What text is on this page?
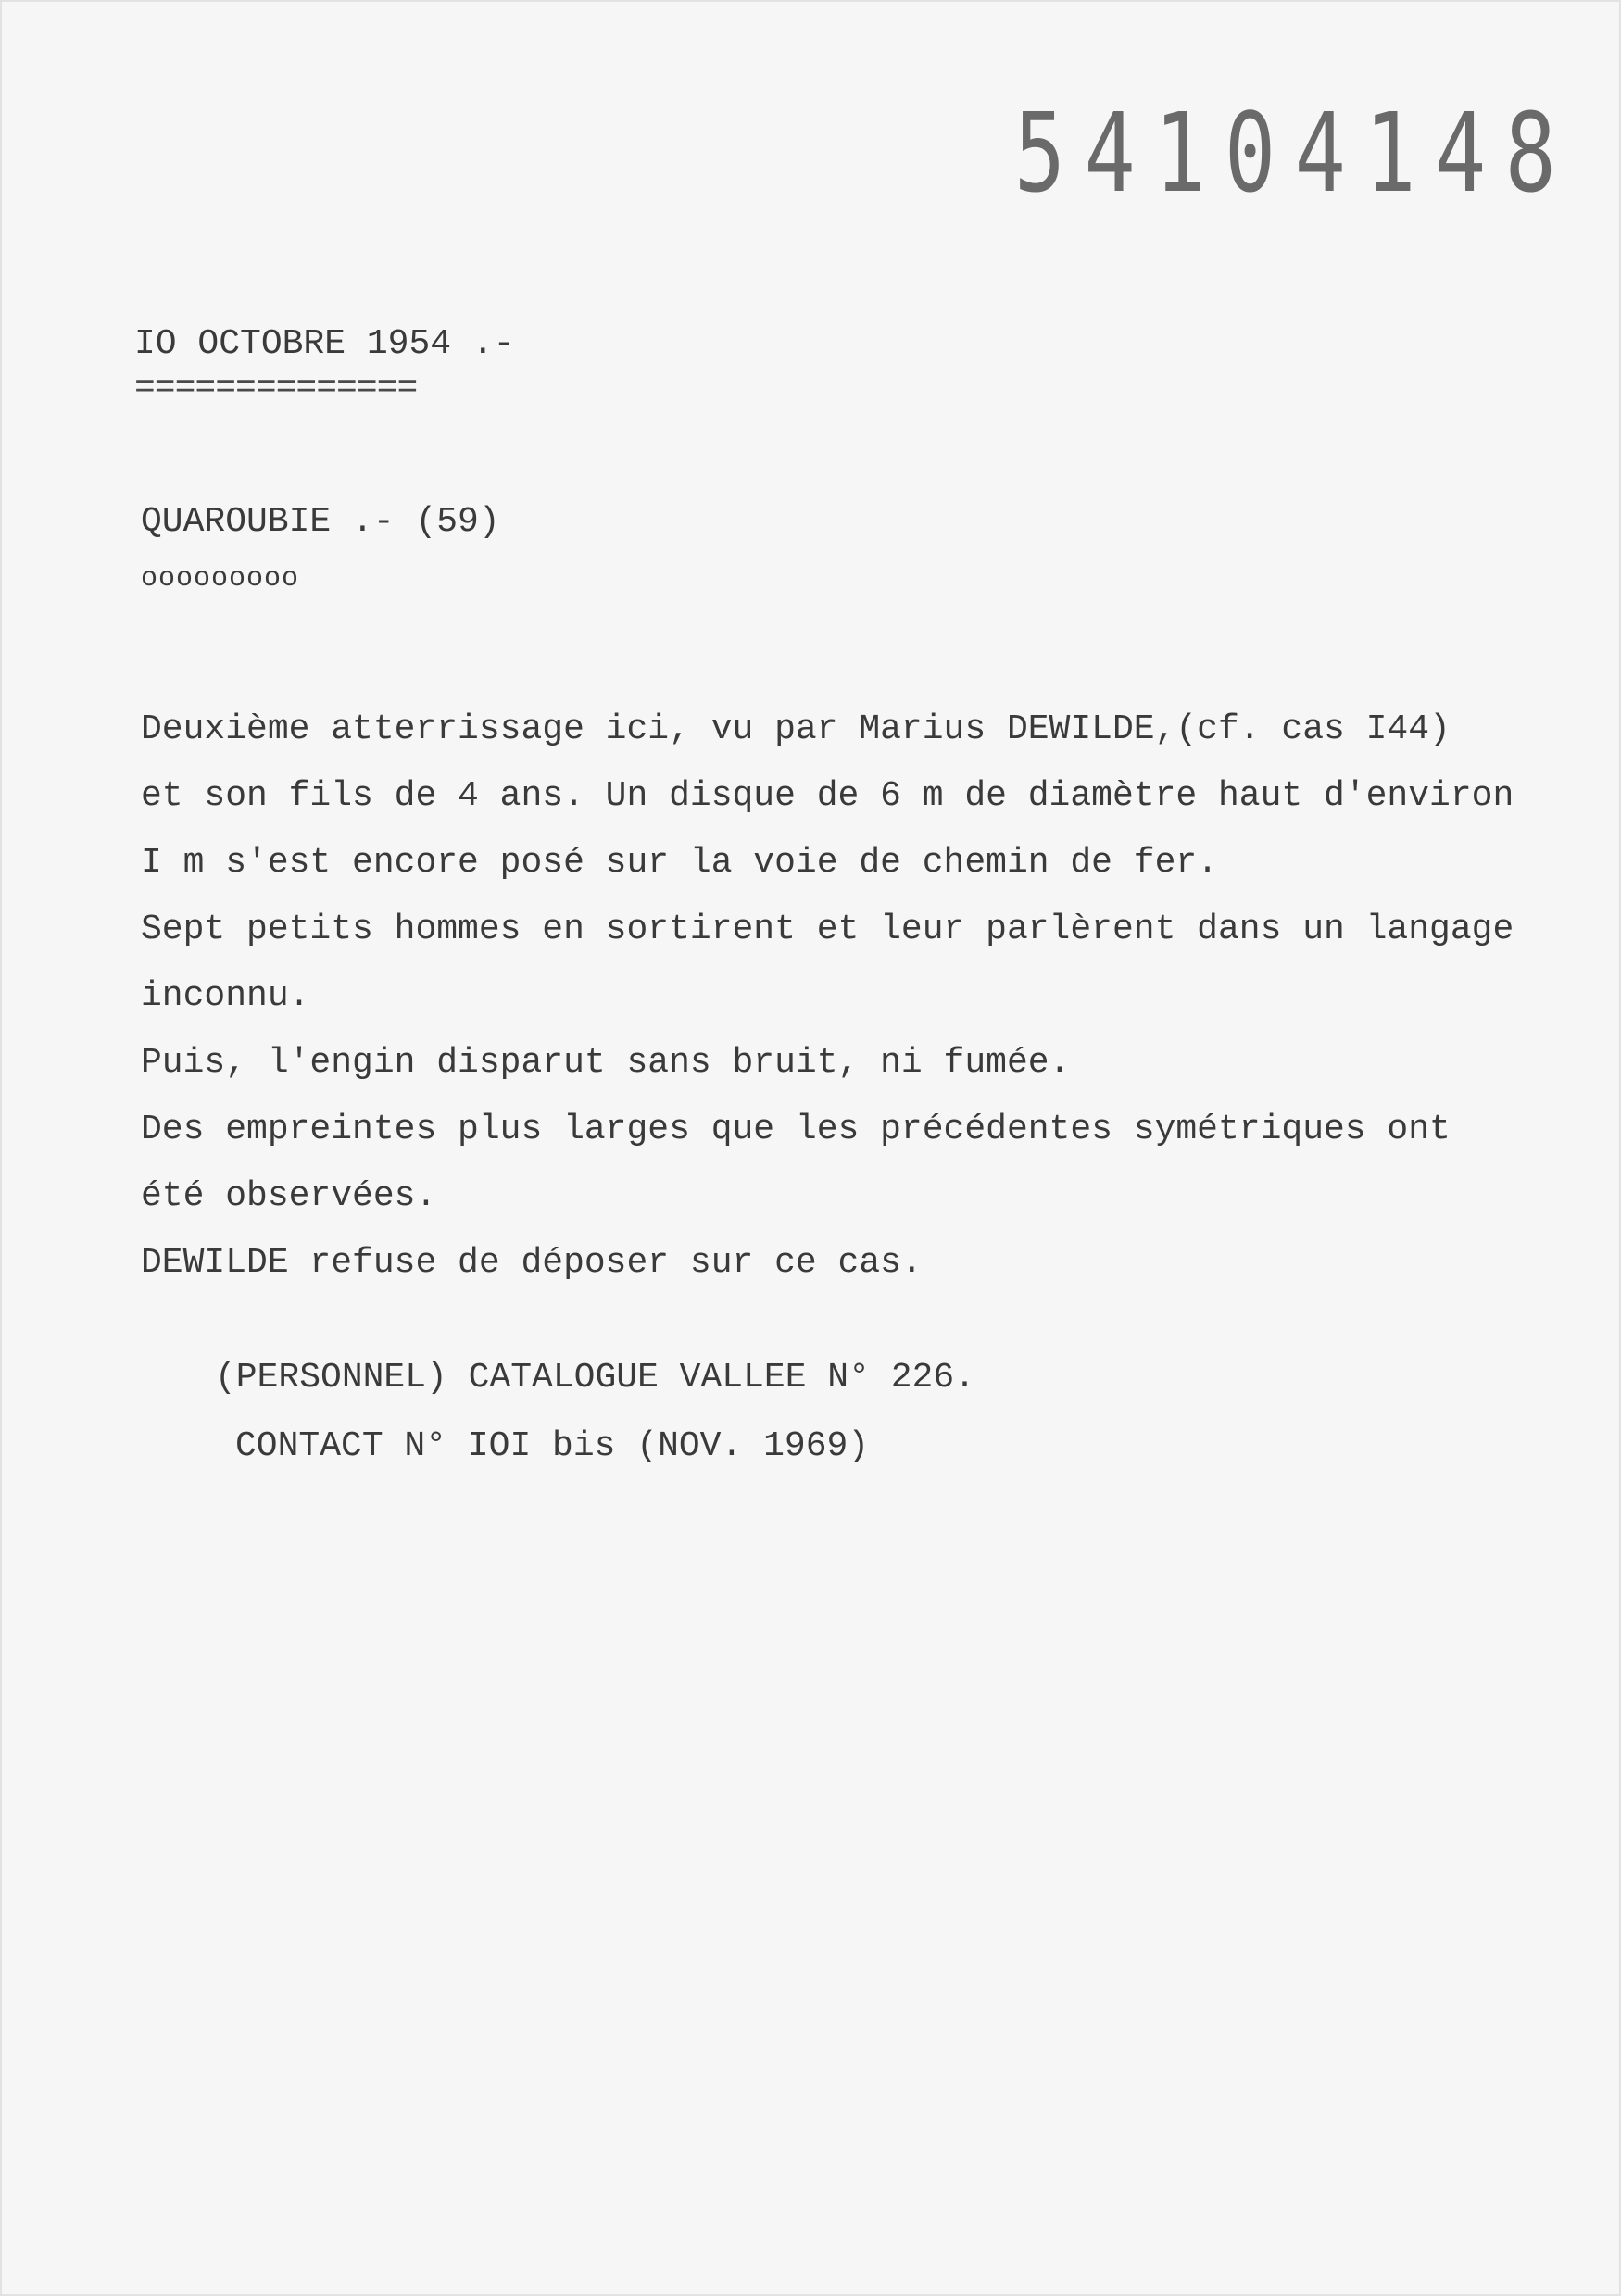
54104148
IO OCTOBRE 1954 .-
==============
QUAROUBIE .- (59)
ooooooooo
Deuxième atterrissage ici, vu par Marius DEWILDE,(cf. cas I44)
et son fils de 4 ans. Un disque de 6 m de diamètre haut d'environ
I m s'est encore posé sur la voie de chemin de fer.
Sept petits hommes en sortirent et leur parlèrent dans un langage
inconnu.
Puis, l'engin disparut sans bruit, ni fumée.
Des empreintes plus larges que les précédentes symétriques ont
été observées.
DEWILDE refuse de déposer sur ce cas.
(PERSONNEL) CATALOGUE VALLEE N° 226.
CONTACT N° IOI bis (NOV. 1969)
